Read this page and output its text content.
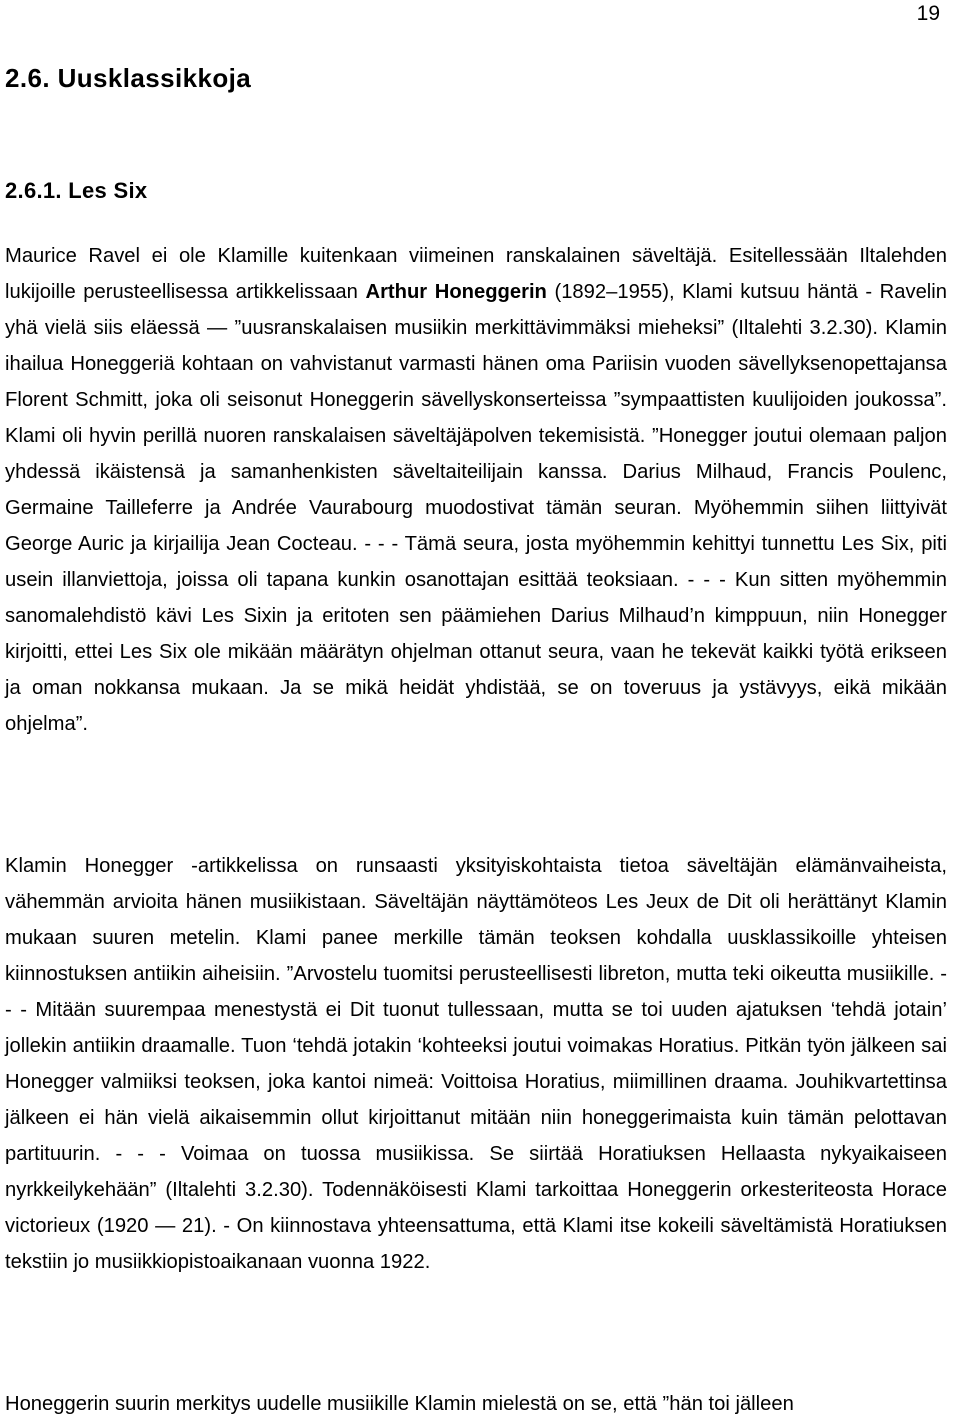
19
2.6. Uusklassikkoja
2.6.1. Les Six

Maurice Ravel ei ole Klamille kuitenkaan viimeinen ranskalainen säveltäjä. Esitellessään Iltalehden lukijoille perusteellisessa artikkelissaan Arthur Honeggerin (1892–1955), Klami kutsuu häntä - Ravelin yhä vielä siis eläessä — ”uusranskalaisen musiikin merkittävimmäksi mieheksi” (Iltalehti 3.2.30). Klamin ihailua Honeggeriä kohtaan on vahvistanut varmasti hänen oma Pariisin vuoden sävellyksenopettajansa Florent Schmitt, joka oli seisonut Honeggerin sävellyskonserteissa ”sympaattisten kuulijoiden joukossa”. Klami oli hyvin perillä nuoren ranskalaisen säveltäjäpolven tekemisistä. ”Honegger joutui olemaan paljon yhdessä ikäistensä ja samanhenkisten säveltaiteilijain kanssa. Darius Milhaud, Francis Poulenc, Germaine Tailleferre ja Andrée Vaurabourg muodostivat tämän seuran. Myöhemmin siihen liittyivät George Auric ja kirjailija Jean Cocteau. - - - Tämä seura, josta myöhemmin kehittyi tunnettu Les Six, piti usein illanviettoja, joissa oli tapana kunkin osanottajan esittää teoksiaan. - - - Kun sitten myöhemmin sanomalehdistö kävi Les Sixin ja eritoten sen päämiehen Darius Milhaud’n kimppuun, niin Honegger kirjoitti, ettei Les Six ole mikään määrätyn ohjelman ottanut seura, vaan he tekevät kaikki työtä erikseen ja oman nokkansa mukaan. Ja se mikä heidät yhdistää, se on toveruus ja ystävyys, eikä mikään ohjelma”.

Klamin Honegger -artikkelissa on runsaasti yksityiskohtaista tietoa säveltäjän elämänvaiheista, vähemmän arvioita hänen musiikistaan. Säveltäjän näyttämöteos Les Jeux de Dit oli herättänyt Klamin mukaan suuren metelin. Klami panee merkille tämän teoksen kohdalla uusklassikoille yhteisen kiinnostuksen antiikin aiheisiin. ”Arvostelu tuomitsi perusteellisesti libreton, mutta teki oikeutta musiikille. - - - Mitään suurempaa menestystä ei Dit tuonut tullessaan, mutta se toi uuden ajatuksen ‘tehdä jotain’ jollekin antiikin draamalle. Tuon ‘tehdä jotakin ‘kohteeksi joutui voimakas Horatius. Pitkän työn jälkeen sai Honegger valmiiksi teoksen, joka kantoi nimeä: Voittoisa Horatius, miimillinen draama. Jouhikvartettinsa jälkeen ei hän vielä aikaisemmin ollut kirjoittanut mitään niin honeggerimaista kuin tämän pelottavan partituurin. - - - Voimaa on tuossa musiikissa. Se siirtää Horatiuksen Hellaasta nykyaikaiseen nyrkkeilykehään” (Iltalehti 3.2.30). Todennäköisesti Klami tarkoittaa Honeggerin orkesteriteosta Horace victorieux (1920 — 21). - On kiinnostava yhteensattuma, että Klami itse kokeili säveltämistä Horatiuksen tekstiin jo musiikkiopistoaikanaan vuonna 1922.

Honeggerin suurin merkitys uudelle musiikille Klamin mielestä on se, että ”hän toi jälleen
